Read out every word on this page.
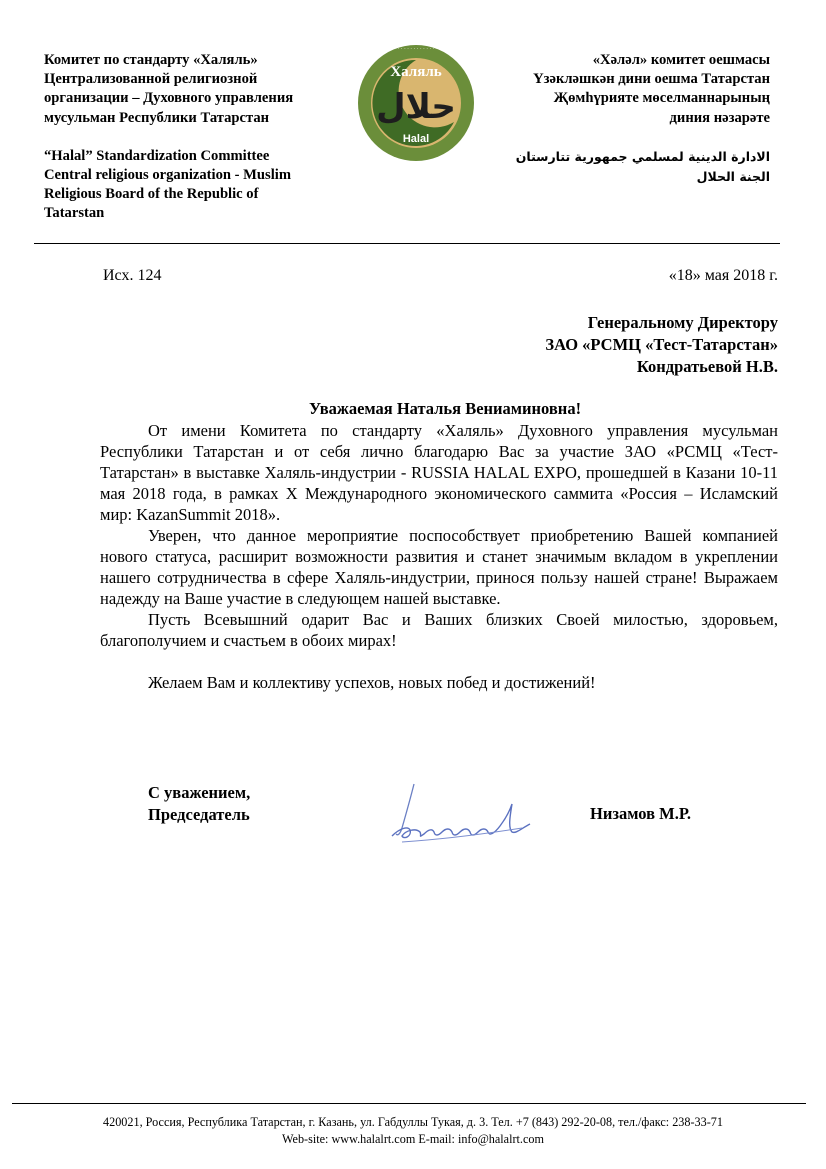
Комитет по стандарту «Халяль»
Централизованной религиозной
организации – Духовного управления
мусульман Республики Татарстан
“Halal” Standardization Committee
Central religious organization - Muslim
Religious Board of the Republic of
Tatarstan
· · · · · · · · · · · · · ·
Халяль
حلال
Halal
«Хәләл» комитет оешмасы
Үзәкләшкән дини оешма Татарстан
Җөмһүрияте мөселманнарының
диния нәзарәте
الادارة الدينية لمسلمي جمهورية تتارستان
الجنة الحلال
Исх. 124	«18» мая 2018 г.
Генеральному Директору
ЗАО «РСМЦ «Тест-Татарстан»
Кондратьевой Н.В.
Уважаемая Наталья Вениаминовна!

От имени Комитета по стандарту «Халяль» Духовного управления мусульман Республики Татарстан и от себя лично благодарю Вас за участие ЗАО «РСМЦ «Тест-Татарстан» в выставке Халяль-индустрии - RUSSIA HALAL EXPO, прошедшей в Казани 10-11 мая 2018 года, в рамках X Международного экономического саммита «Россия – Исламский мир: KazanSummit 2018».

Уверен, что данное мероприятие поспособствует приобретению Вашей компанией нового статуса, расширит возможности развития и станет значимым вкладом в укреплении нашего сотрудничества в сфере Халяль-индустрии, принося пользу нашей стране! Выражаем надежду на Ваше участие в следующем нашей выставке.

Пусть Всевышний одарит Вас и Ваших близких Своей милостью, здоровьем, благополучием и счастьем в обоих мирах!

Желаем Вам и коллективу успехов, новых побед и достижений!

С уважением,
Председатель	Низамов М.Р.
420021, Россия, Республика Татарстан, г. Казань, ул. Габдуллы Тукая, д. 3. Тел. +7 (843) 292-20-08, тел./факс: 238-33-71
Web-site: www.halalrt.com E-mail: info@halalrt.com
